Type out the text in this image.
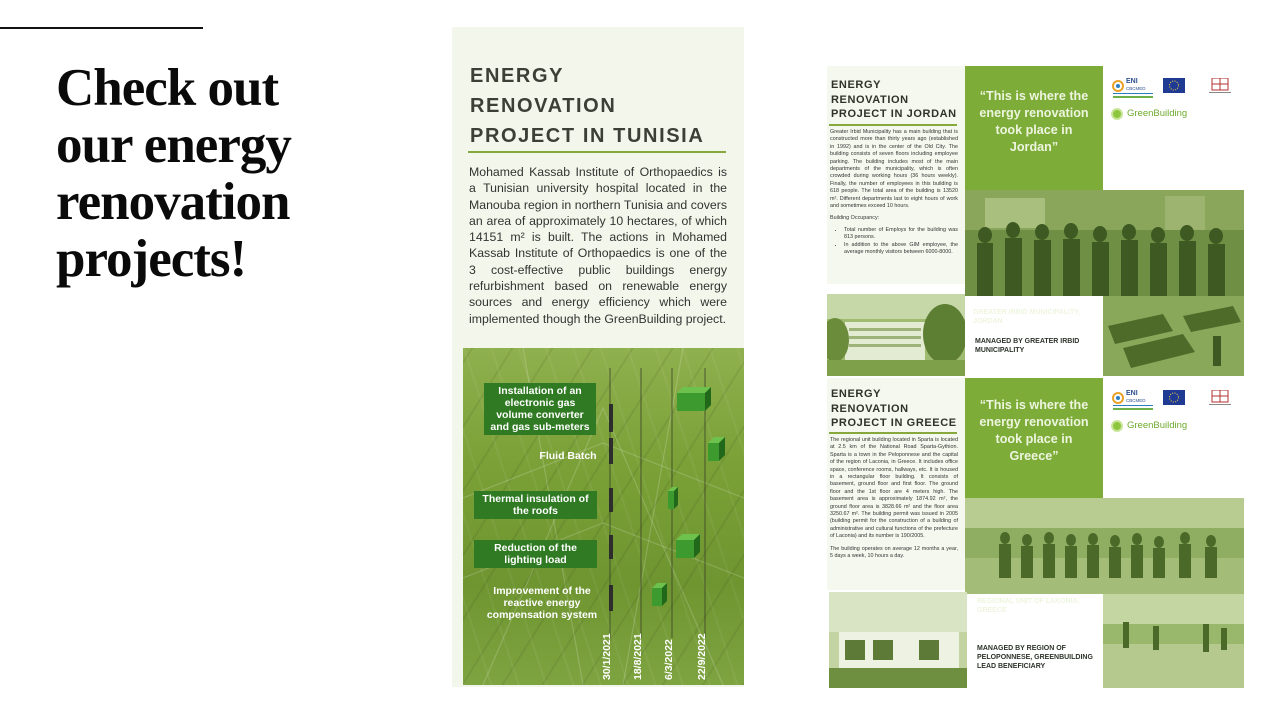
Check out
our energy
renovation
projects!
ENERGY
RENOVATION
PROJECT IN TUNISIA
Mohamed Kassab Institute of Orthopaedics is a Tunisian university hospital located in the Manouba region in northern Tunisia and covers an area of approximately 10 hectares, of which 14151 m² is built. The actions in Mohamed Kassab Institute of Orthopaedics is one of the 3 cost-effective public buildings energy refurbishment based on renewable energy sources and energy efficiency which were implemented though the GreenBuilding project.
Installation of an electronic gas volume converter and gas sub-meters
Fluid Batch
Thermal insulation of the roofs
Reduction of the lighting load
Improvement of the reactive energy compensation system
30/1/2021 18/8/2021 6/3/2022 22/9/2022
ENERGY
RENOVATION
PROJECT IN JORDAN
Greater Irbid Municipality has a main building that is constructed more than thirty years ago (established in 1992) and is in the center of the Old City. The building consists of seven floors including employee parking. The building includes most of the main departments of the municipality, which is often crowded during working hours (36 hours weekly). Finally, the number of employees in this building is 618 people. The total area of the building is 13520 m². Different departments last to eight hours of work and sometimes exceed 10 hours.
Building Occupancy:
• Total number of Employs for the building was 813 persons.
• In addition to the above GIM employee, the average monthly visitors between 6000-8000.
“This is where the energy renovation took place in Jordan”
ENI
CBCMED
GreenBuilding
GREATER IRBID MUNICIPALITY, JORDAN
MANAGED BY GREATER IRBID MUNICIPALITY
ENERGY
RENOVATION
PROJECT IN GREECE
The regional unit building located in Sparta is located at 2.5 km of the National Road Sparta-Gythion. Sparta is a town in the Peloponnese and the capital of the region of Laconia, in Greece. It includes office space, conference rooms, hallways, etc. It is housed in a rectangular floor building. It consists of basement, ground floor and first floor. The ground floor and the 1st floor are 4 meters high. The basement area is approximately 1874.92 m², the ground floor area is 3828.66 m² and the floor area 3250.67 m². The building permit was issued in 2005 (building permit for the construction of a building of administrative and cultural functions of the prefecture of Laconia) and its number is 190/2005.
The building operates on average 12 months a year, 5 days a week, 10 hours a day.
“This is where the energy renovation took place in Greece”
ENI
CBCMED
GreenBuilding
REGIONAL UNIT OF LAKONIA, GREECE
MANAGED BY REGION OF PELOPONNESE, GREENBUILDING LEAD BENEFICIARY
